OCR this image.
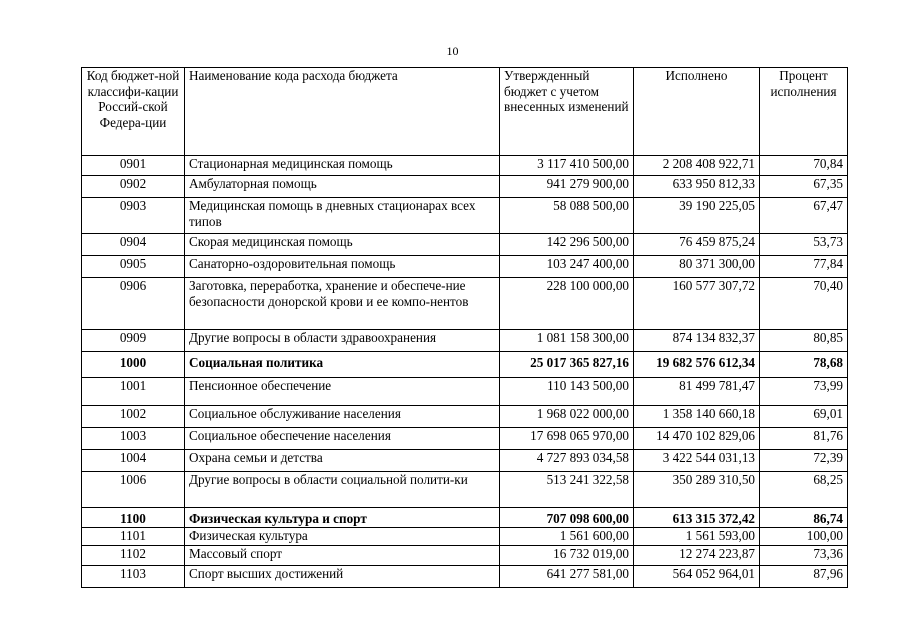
10
Код бюджет-ной классифи-кации Россий-ской Федера-ции	Наименование кода расхода бюджета	Утвержденный бюджет с учетом внесенных изменений	Исполнено	Процент исполнения
0901	Стационарная медицинская помощь	3 117 410 500,00	2 208 408 922,71	70,84
0902	Амбулаторная помощь	941 279 900,00	633 950 812,33	67,35
0903	Медицинская помощь в дневных стационарах всех типов	58 088 500,00	39 190 225,05	67,47
0904	Скорая медицинская помощь	142 296 500,00	76 459 875,24	53,73
0905	Санаторно-оздоровительная помощь	103 247 400,00	80 371 300,00	77,84
0906	Заготовка, переработка, хранение и обеспече-ние безопасности донорской крови и ее компо-нентов	228 100 000,00	160 577 307,72	70,40
0909	Другие вопросы в области здравоохранения	1 081 158 300,00	874 134 832,37	80,85
1000	Социальная политика	25 017 365 827,16	19 682 576 612,34	78,68
1001	Пенсионное обеспечение	110 143 500,00	81 499 781,47	73,99
1002	Социальное обслуживание населения	1 968 022 000,00	1 358 140 660,18	69,01
1003	Социальное обеспечение населения	17 698 065 970,00	14 470 102 829,06	81,76
1004	Охрана семьи и детства	4 727 893 034,58	3 422 544 031,13	72,39
1006	Другие вопросы в области социальной полити-ки	513 241 322,58	350 289 310,50	68,25
1100	Физическая культура и спорт	707 098 600,00	613 315 372,42	86,74
1101	Физическая культура	1 561 600,00	1 561 593,00	100,00
1102	Массовый спорт	16 732 019,00	12 274 223,87	73,36
1103	Спорт высших достижений	641 277 581,00	564 052 964,01	87,96
